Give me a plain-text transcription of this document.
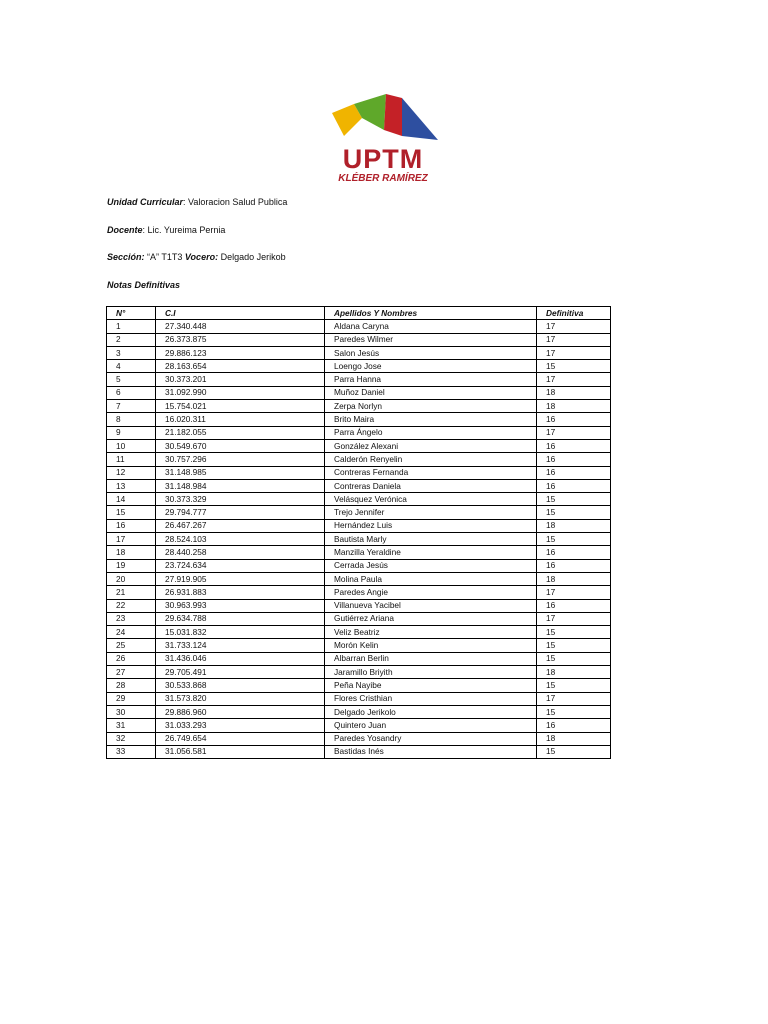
UPTM
KLÉBER RAMÍREZ
Unidad Curricular: Valoracion Salud Publica
Docente: Lic. Yureima Pernia
Sección: “A” T1T3 Vocero: Delgado Jerikob
Notas Definitivas
N°	C.I	Apellidos Y Nombres	Definitiva
1	27.340.448	Aldana Caryna	17
2	26.373.875	Paredes Wilmer	17
3	29.886.123	Salon Jesús	17
4	28.163.654	Loengo Jose	15
5	30.373.201	Parra Hanna	17
6	31.092.990	Muñoz Daniel	18
7	15.754.021	Zerpa Norlyn	18
8	16.020.311	Brito Maira	16
9	21.182.055	Parra Ángelo	17
10	30.549.670	González Alexani	16
11	30.757.296	Calderón Renyelin	16
12	31.148.985	Contreras Fernanda	16
13	31.148.984	Contreras Daniela	16
14	30.373.329	Velásquez Verónica	15
15	29.794.777	Trejo Jennifer	15
16	26.467.267	Hernández Luis	18
17	28.524.103	Bautista Marly	15
18	28.440.258	Manzilla Yeraldine	16
19	23.724.634	Cerrada Jesús	16
20	27.919.905	Molina Paula	18
21	26.931.883	Paredes Angie	17
22	30.963.993	Villanueva Yacibel	16
23	29.634.788	Gutiérrez Ariana	17
24	15.031.832	Veliz Beatriz	15
25	31.733.124	Morón Kelin	15
26	31.436.046	Albarran Berlin	15
27	29.705.491	Jaramillo Briyith	18
28	30.533.868	Peña Nayibe	15
29	31.573.820	Flores Cristhian	17
30	29.886.960	Delgado Jerikolo	15
31	31.033.293	Quintero Juan	16
32	26.749.654	Paredes Yosandry	18
33	31.056.581	Bastidas Inés	15
